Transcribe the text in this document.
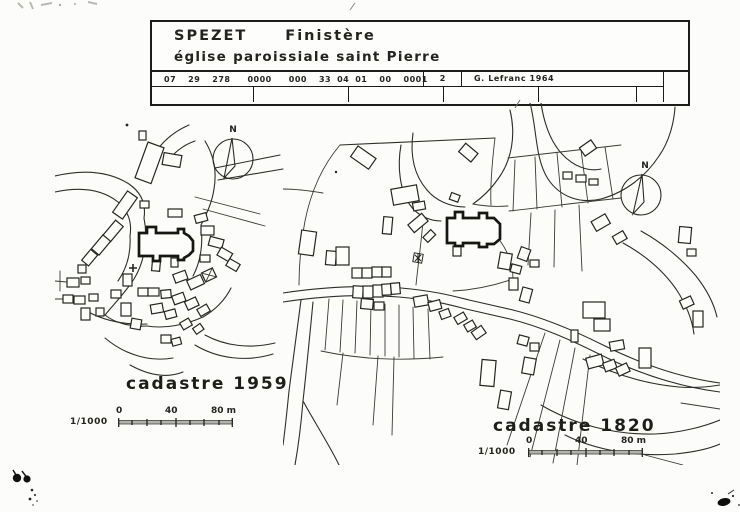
SPEZET	Finistère
église paroissiale saint Pierre
07 29 278 0000 000 33 04 01 00 0001	2	G. Lefranc 1964
N
N
cadastre 1959
cadastre 1820
1/1000
1/1000
0	40	80 m
0	40	80 m
